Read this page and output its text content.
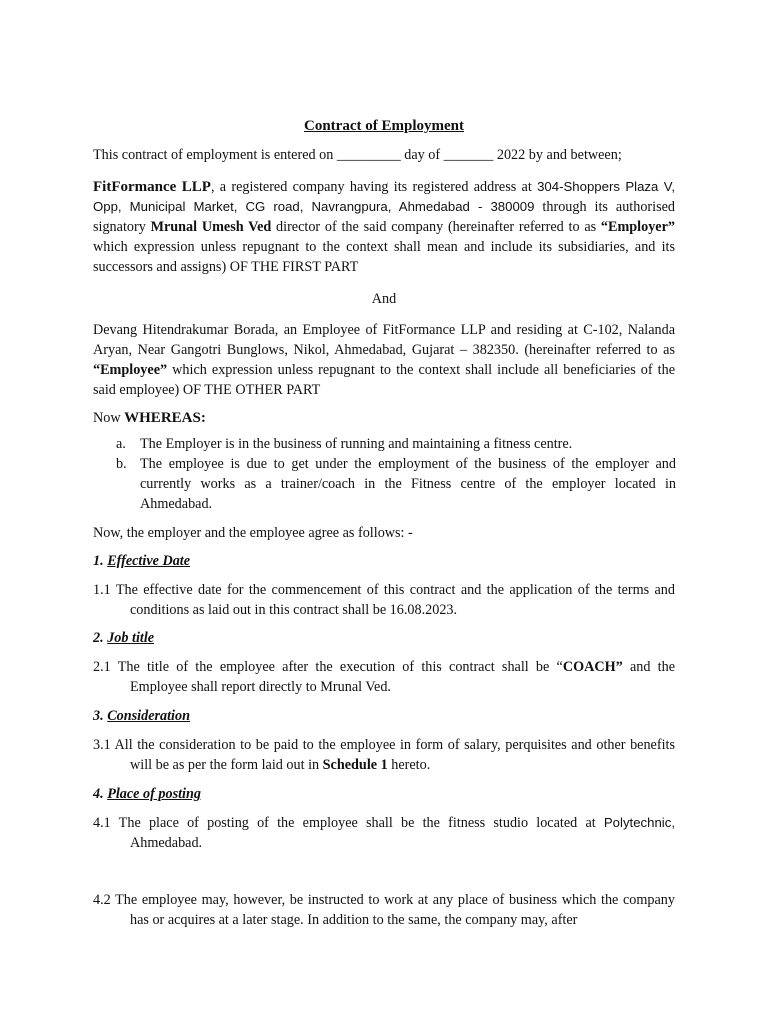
Contract of Employment
This contract of employment is entered on _________ day of _______ 2022 by and between;
FitFormance LLP, a registered company having its registered address at 304-Shoppers Plaza V, Opp, Municipal Market, CG road, Navrangpura, Ahmedabad - 380009 through its authorised signatory Mrunal Umesh Ved director of the said company (hereinafter referred to as “Employer” which expression unless repugnant to the context shall mean and include its subsidiaries, and its successors and assigns) OF THE FIRST PART
And
Devang Hitendrakumar Borada, an Employee of FitFormance LLP and residing at C-102, Nalanda Aryan, Near Gangotri Bunglows, Nikol, Ahmedabad, Gujarat – 382350. (hereinafter referred to as “Employee” which expression unless repugnant to the context shall include all beneficiaries of the said employee) OF THE OTHER PART
Now WHEREAS:
a. The Employer is in the business of running and maintaining a fitness centre.
b. The employee is due to get under the employment of the business of the employer and currently works as a trainer/coach in the Fitness centre of the employer located in Ahmedabad.
Now, the employer and the employee agree as follows: -
1. Effective Date
1.1 The effective date for the commencement of this contract and the application of the terms and conditions as laid out in this contract shall be 16.08.2023.
2. Job title
2.1 The title of the employee after the execution of this contract shall be “COACH” and the Employee shall report directly to Mrunal Ved.
3. Consideration
3.1 All the consideration to be paid to the employee in form of salary, perquisites and other benefits will be as per the form laid out in Schedule 1 hereto.
4. Place of posting
4.1 The place of posting of the employee shall be the fitness studio located at Polytechnic, Ahmedabad.
4.2 The employee may, however, be instructed to work at any place of business which the company has or acquires at a later stage. In addition to the same, the company may, after
